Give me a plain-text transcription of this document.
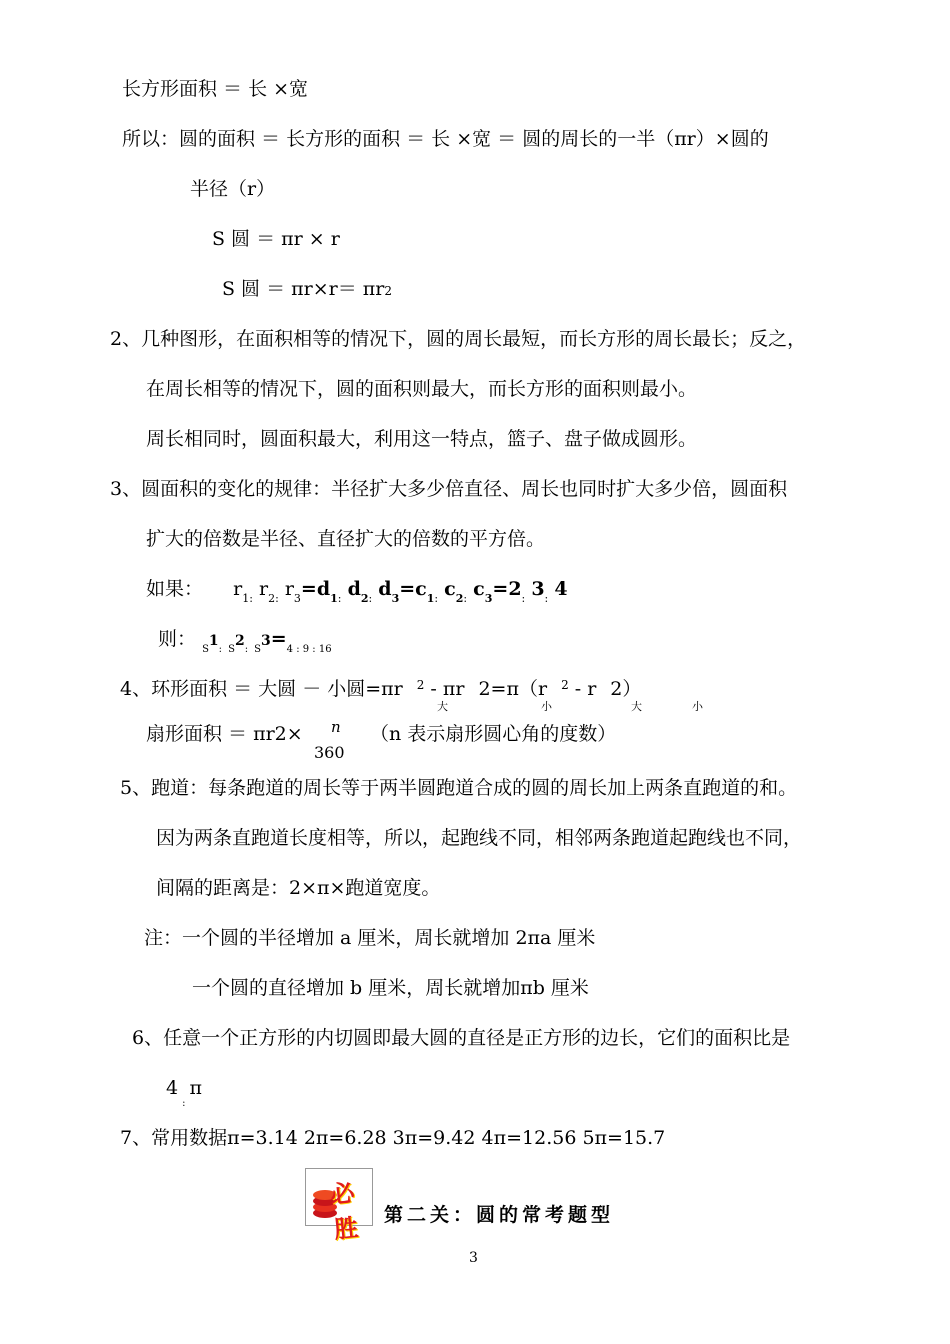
长方形面积 ＝ 长 ×宽
所以：圆的面积 ＝ 长方形的面积 ＝ 长 ×宽 ＝ 圆的周长的一半（πr）×圆的
半径（r）
S 圆 ＝ πr × r
S 圆 ＝ πr×r＝ πr2
2、几种图形，在面积相等的情况下，圆的周长最短，而长方形的周长最长；反之，
在周长相等的情况下，圆的面积则最大，而长方形的面积则最小。
周长相同时，圆面积最大，利用这一特点，篮子、盘子做成圆形。
3、圆面积的变化的规律：半径扩大多少倍直径、周长也同时扩大多少倍，圆面积
扩大的倍数是半径、直径扩大的倍数的平方倍。
如果： $r_{1:}$ $r_{2:}$ $r_3=d_{1:}$ $d_{2:}$ $d_3=c_{1:}$ $c_{2:}$ $c_3=2_:$ $3_:$ 4
则： $_S1_:$ $_S2_:$ $_S3=_{4 : 9 : 16}$
4、环形面积 ＝ 大圆 － 小圆=πr $^2$ - πr 2=π（r $^2$ - r 2）
大	小	大	小
扇形面积 ＝ πr2× n
360
（n 表示扇形圆心角的度数）
5、跑道：每条跑道的周长等于两半圆跑道合成的圆的周长加上两条直跑道的和。
因为两条直跑道长度相等，所以，起跑线不同，相邻两条跑道起跑线也不同，
间隔的距离是：2×π×跑道宽度。
注：一个圆的半径增加 a 厘米，周长就增加 2πa 厘米
一个圆的直径增加 b 厘米，周长就增加πb 厘米
6、任意一个正方形的内切圆即最大圆的直径是正方形的边长，它们的面积比是
$4_:\pi$
7、常用数据π=3.14 2π=6.28 3π=9.42 4π=12.56 5π=15.7
必胜	第二关：圆的常考题型
3
